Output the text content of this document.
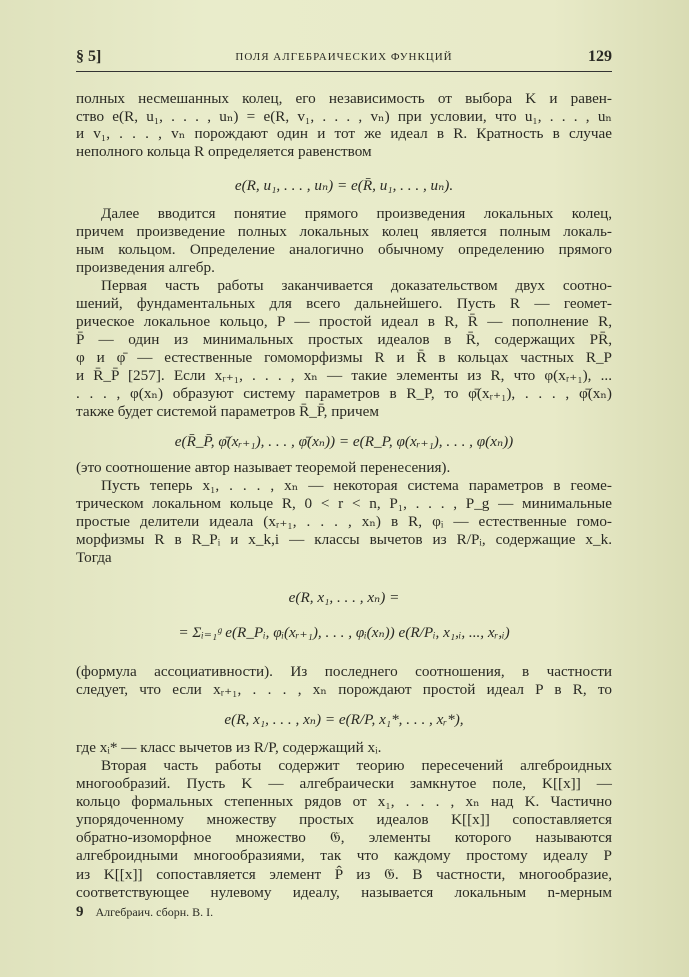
§ 5]	ПОЛЯ АЛГЕБРАИЧЕСКИХ ФУНКЦИЙ	129
полных несмешанных колец, его независимость от выбора K и равен-
ство e(R, u₁, . . . , uₙ) = e(R, v₁, . . . , vₙ) при условии, что u₁, . . . , uₙ
и v₁, . . . , vₙ порождают один и тот же идеал в R. Кратность в случае
неполного кольца R определяется равенством
e(R, u₁, . . . , uₙ) = e(R̄, u₁, . . . , uₙ).
Далее вводится понятие прямого произведения локальных колец,
причем произведение полных локальных колец является полным локаль-
ным кольцом. Определение аналогично обычному определению прямого
произведения алгебр.
Первая часть работы заканчивается доказательством двух соотно-
шений, фундаментальных для всего дальнейшего. Пусть R — геомет-
рическое локальное кольцо, P — простой идеал в R, R̄ — пополнение R,
P̄ — один из минимальных простых идеалов в R̄, содержащих PR̄,
φ и φ̄ — естественные гомоморфизмы R и R̄ в кольцах частных R_P
и R̄_P̄ [257]. Если xᵣ₊₁, . . . , xₙ — такие элементы из R, что φ(xᵣ₊₁), ...
. . . , φ(xₙ) образуют систему параметров в R_P, то φ̄(xᵣ₊₁), . . . , φ̄(xₙ)
также будет системой параметров R̄_P̄, причем
e(R̄_P̄, φ̄(xᵣ₊₁), . . . , φ̄(xₙ)) = e(R_P, φ(xᵣ₊₁), . . . , φ(xₙ))
(это соотношение автор называет теоремой перенесения).
Пусть теперь x₁, . . . , xₙ — некоторая система параметров в геоме-
трическом локальном кольце R, 0 < r < n, P₁, . . . , P_g — минимальные
простые делители идеала (xᵣ₊₁, . . . , xₙ) в R, φᵢ — естественные гомо-
морфизмы R в R_Pᵢ и x_k,i — классы вычетов из R/Pᵢ, содержащие x_k.
Тогда
e(R, x₁, . . . , xₙ) =
= Σᵢ₌₁ᵍ e(R_Pᵢ, φᵢ(xᵣ₊₁), . . . , φᵢ(xₙ)) e(R/Pᵢ, x₁,ᵢ, ..., xᵣ,ᵢ)
(формула ассоциативности). Из последнего соотношения, в частности
следует, что если xᵣ₊₁, . . . , xₙ порождают простой идеал P в R, то
e(R, x₁, . . . , xₙ) = e(R/P, x₁*, . . . , xᵣ*),
где xᵢ* — класс вычетов из R/P, содержащий xᵢ.
Вторая часть работы содержит теорию пересечений алгеброидных
многообразий. Пусть K — алгебраически замкнутое поле, K[[x]] —
кольцо формальных степенных рядов от x₁, . . . , xₙ над K. Частично
упорядоченному множеству простых идеалов K[[x]] сопоставляется
обратно-изоморфное множество 𝔊, элементы которого называются
алгеброидными многообразиями, так что каждому простому идеалу P
из K[[x]] сопоставляется элемент P̂ из 𝔊. В частности, многообразие,
соответствующее нулевому идеалу, называется локальным n-мерным
9 Алгебраич. сборн. В. I.
